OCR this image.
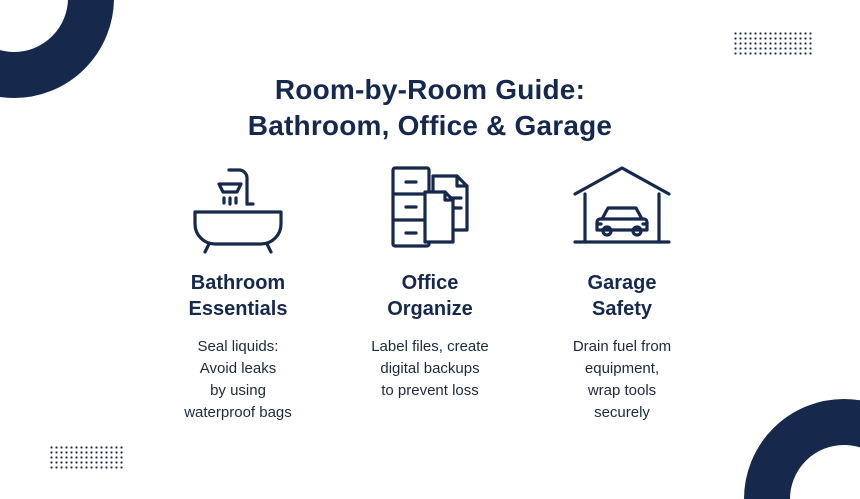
Room-by-Room Guide:
Bathroom, Office & Garage
Bathroom
Essentials
Seal liquids:
Avoid leaks
by using
waterproof bags
Office
Organize
Label files, create
digital backups
to prevent loss
Garage
Safety
Drain fuel from
equipment,
wrap tools
securely
